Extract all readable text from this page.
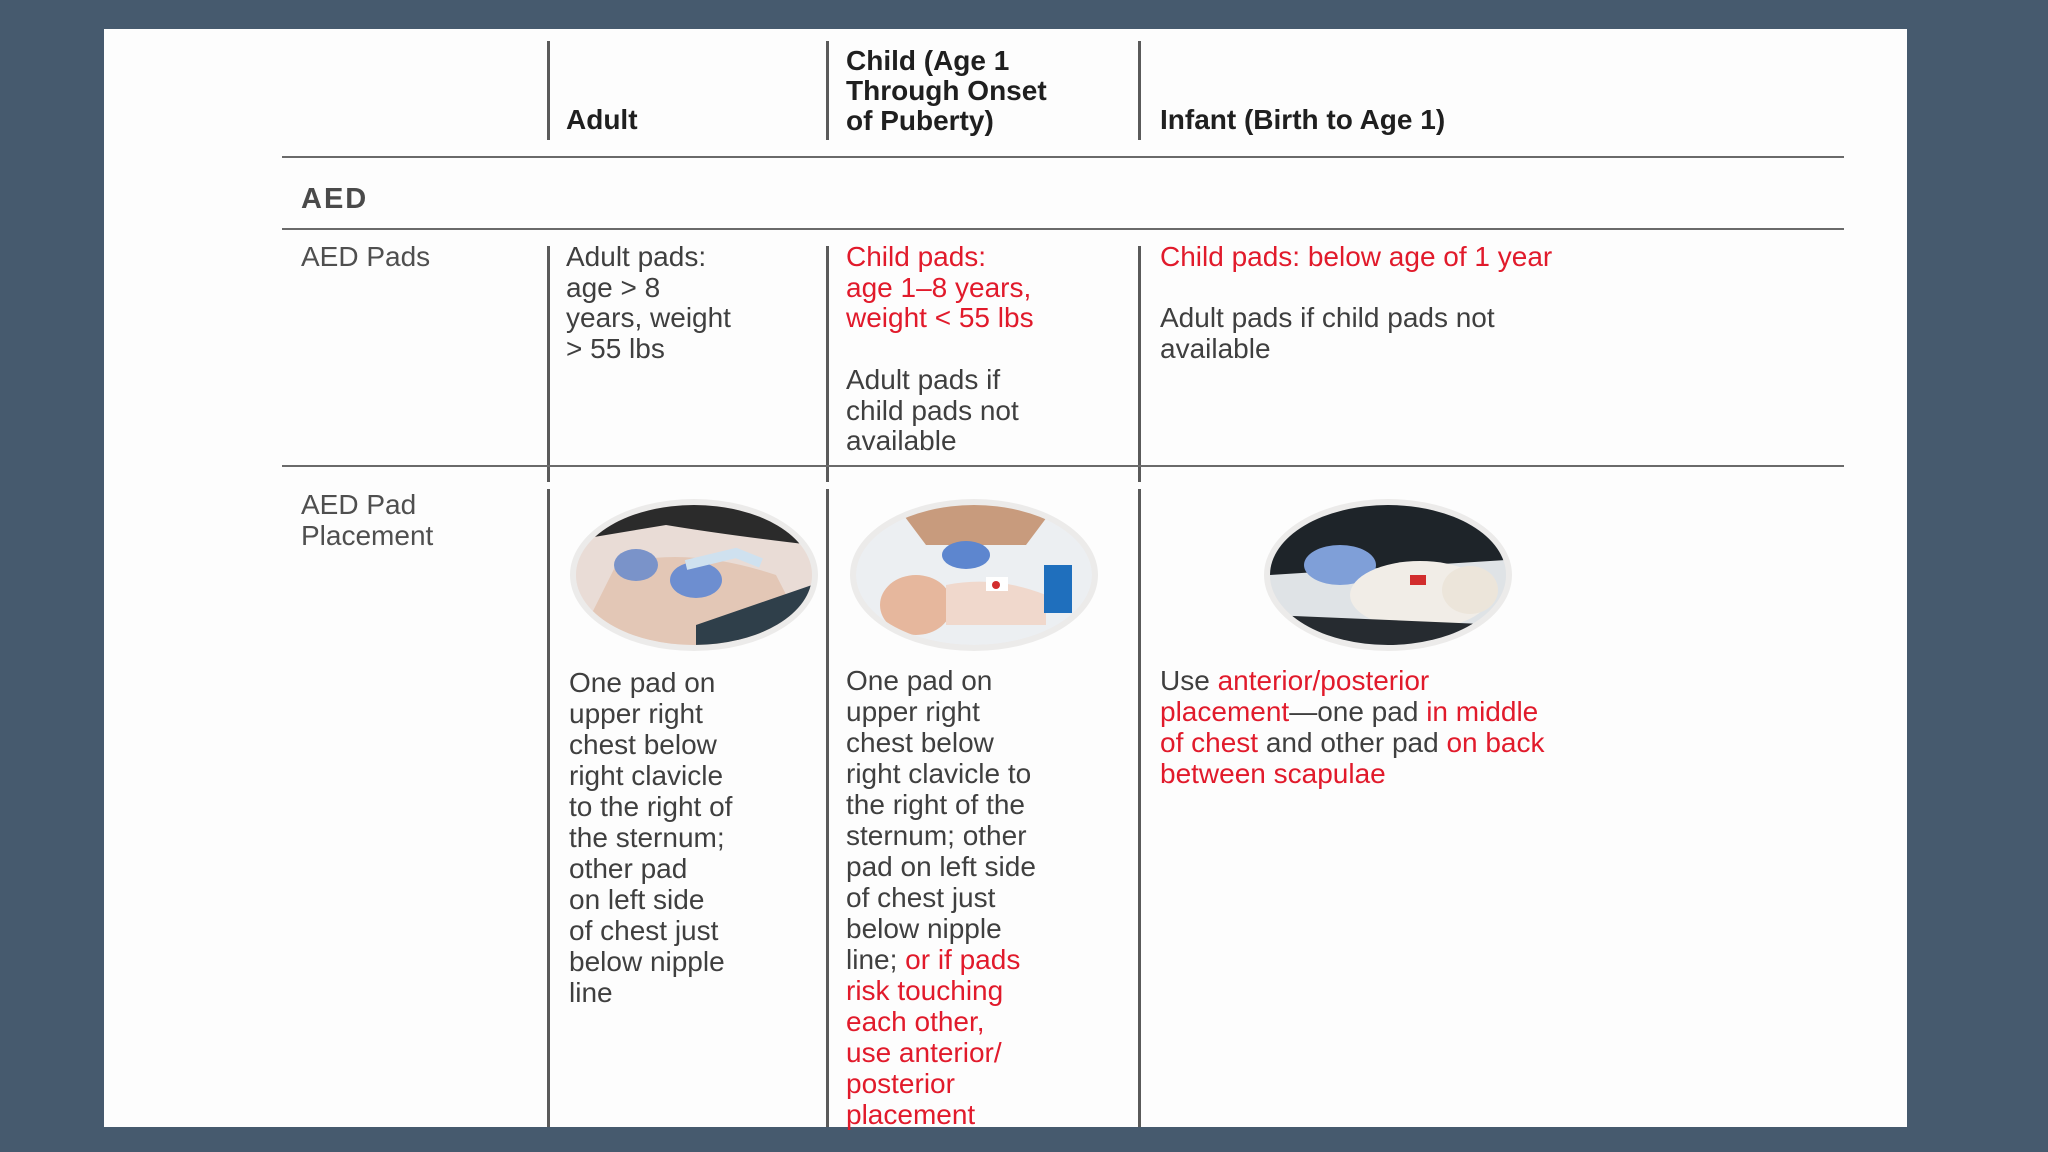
Adult

Child (Age 1

Through Onset

of Puberty)	Infant (Birth to Age 1)

AED

AED Pads	Adult pads:

age > 8

years, weight

> 55 lbs

Child pads:

age 1–8 years,

weight < 55 lbs

Adult pads if

child pads not

available

Child pads: below age of 1 year

Adult pads if child pads not

available

AED Pad

Placement

One pad on

upper right

chest below

right clavicle

to the right of

the sternum;

other pad

on left side

of chest just

below nipple

line

One pad on

upper right

chest below

right clavicle to

the right of the

sternum; other

pad on left side

of chest just

below nipple

line; or if pads

risk touching

each other,

use anterior/

posterior

placement

Use anterior/posterior

placement—one pad in middle

of chest and other pad on back

between scapulae
